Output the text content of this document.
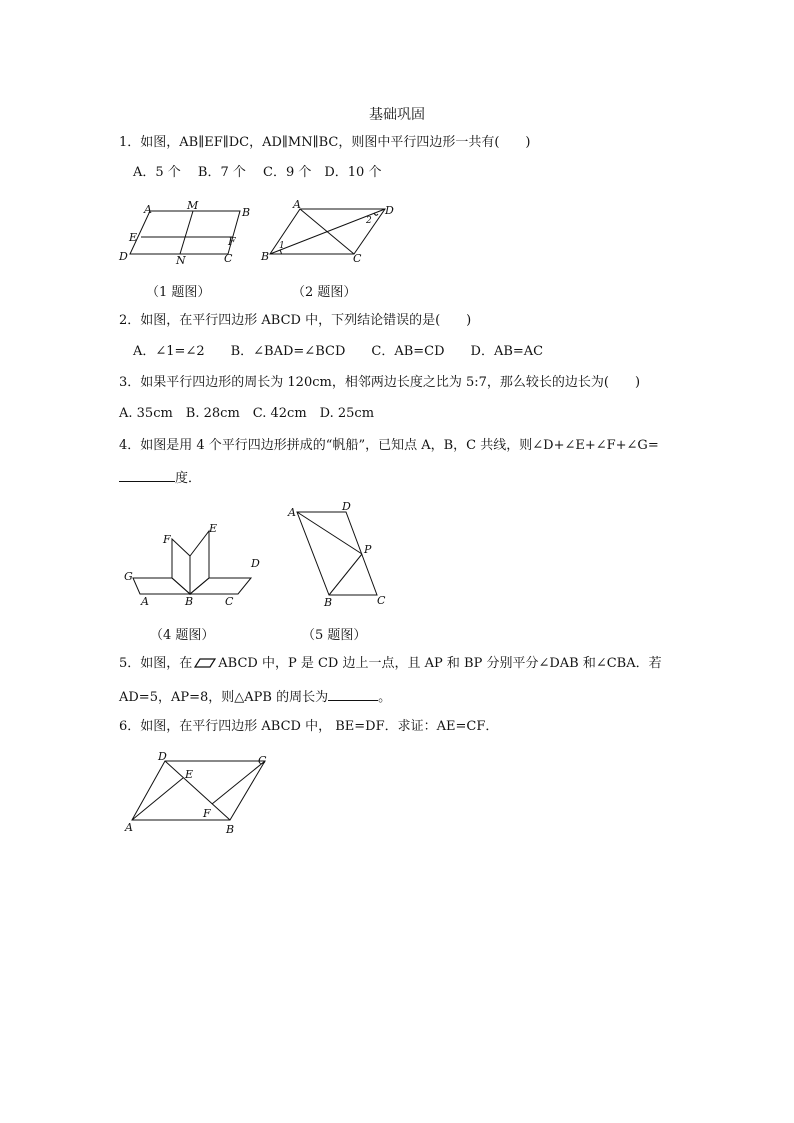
基础巩固
1．如图，AB∥EF∥DC，AD∥MN∥BC，则图中平行四边形一共有(　　)
A．5 个　 B．7 个　 C．9 个　D．10 个
A	M
B
E	F
D	N	C
（1 题图）
A	D
B	C
1
2
（2 题图）
2．如图，在平行四边形 ABCD 中，下列结论错误的是(　　)
A．∠1=∠2　　B．∠BAD=∠BCD　　C．AB=CD　　D．AB=AC
3．如果平行四边形的周长为 120cm，相邻两边长度之比为 5:7，那么较长的边长为(　　)
A. 35cm　B. 28cm　C. 42cm　D. 25cm
4．如图是用 4 个平行四边形拼成的“帆船”，已知点 A，B，C 共线，则∠D+∠E+∠F+∠G=
度．
F
E
G
D
A	B	C
（4 题图）
A	D
P
B	C
（5 题图）
5．如图，在 ABCD 中，P 是 CD 边上一点，且 AP 和 BP 分别平分∠DAB 和∠CBA．若
AD=5，AP=8，则△APB 的周长为	。
6．如图，在平行四边形 ABCD 中， BE=DF．求证：AE=CF．
D	C
E
F
A	B
